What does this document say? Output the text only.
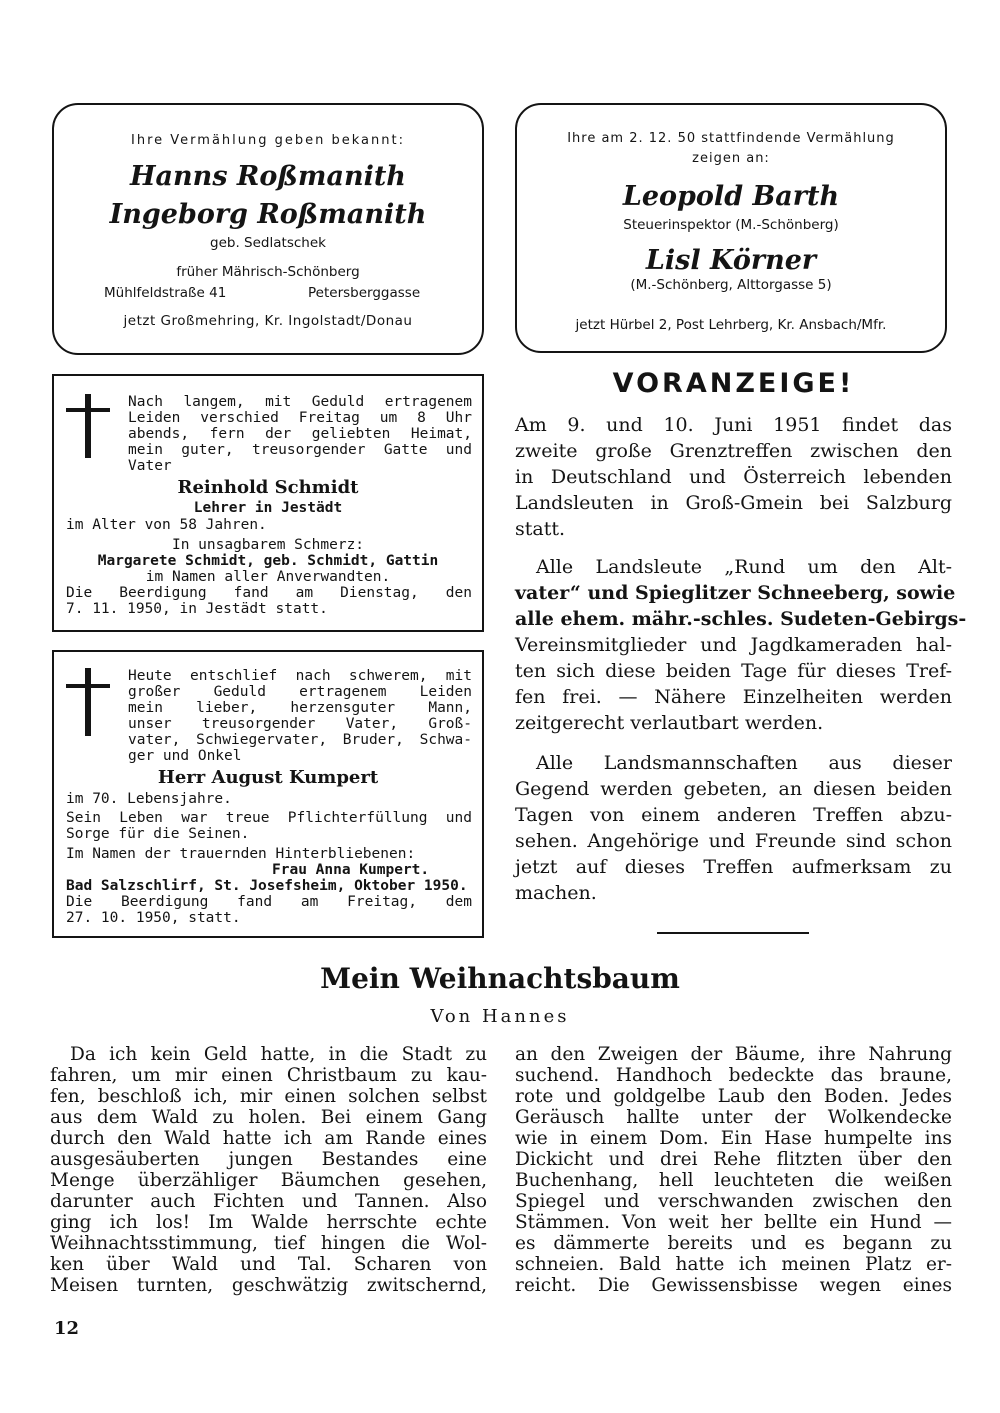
Ihre Vermählung geben bekannt:
Hanns Roßmanith
Ingeborg Roßmanith
geb. Sedlatschek
früher Mährisch-Schönberg
Mühlfeldstraße 41	Petersberggasse
jetzt Großmehring, Kr. Ingolstadt/Donau
Ihre am 2. 12. 50 stattfindende Vermählung
zeigen an:
Leopold Barth
Steuerinspektor (M.-Schönberg)
Lisl Körner
(M.-Schönberg, Alttorgasse 5)
jetzt Hürbel 2, Post Lehrberg, Kr. Ansbach/Mfr.
Nach langem, mit Geduld ertragenem
Leiden verschied Freitag um 8 Uhr
abends, fern der geliebten Heimat,
mein guter, treusorgender Gatte und
Vater
Reinhold Schmidt
Lehrer in Jestädt
im Alter von 58 Jahren.
In unsagbarem Schmerz:
Margarete Schmidt, geb. Schmidt, Gattin
im Namen aller Anverwandten.
Die Beerdigung fand am Dienstag, den
7. 11. 1950, in Jestädt statt.
Heute entschlief nach schwerem, mit
großer Geduld ertragenem Leiden
mein lieber, herzensguter Mann,
unser treusorgender Vater, Groß-
vater, Schwiegervater, Bruder, Schwa-
ger und Onkel
Herr August Kumpert
im 70. Lebensjahre.
Sein Leben war treue Pflichterfüllung und
Sorge für die Seinen.
Im Namen der trauernden Hinterbliebenen:
Frau Anna Kumpert.
Bad Salzschlirf, St. Josefsheim, Oktober 1950.
Die Beerdigung fand am Freitag, dem
27. 10. 1950, statt.
VORANZEIGE!
Am 9. und 10. Juni 1951 findet das
zweite große Grenztreffen zwischen den
in Deutschland und Österreich lebenden
Landsleuten in Groß-Gmein bei Salzburg
statt.
Alle Landsleute „Rund um den Alt-
vater“ und Spieglitzer Schneeberg, sowie
alle ehem. mähr.-schles. Sudeten-Gebirgs-
Vereinsmitglieder und Jagdkameraden hal-
ten sich diese beiden Tage für dieses Tref-
fen frei. — Nähere Einzelheiten werden
zeitgerecht verlautbart werden.
Alle Landsmannschaften aus dieser
Gegend werden gebeten, an diesen beiden
Tagen von einem anderen Treffen abzu-
sehen. Angehörige und Freunde sind schon
jetzt auf dieses Treffen aufmerksam zu
machen.
Mein Weihnachtsbaum
Von Hannes
Da ich kein Geld hatte, in die Stadt zu
fahren, um mir einen Christbaum zu kau-
fen, beschloß ich, mir einen solchen selbst
aus dem Wald zu holen. Bei einem Gang
durch den Wald hatte ich am Rande eines
ausgesäuberten jungen Bestandes eine
Menge überzähliger Bäumchen gesehen,
darunter auch Fichten und Tannen. Also
ging ich los! Im Walde herrschte echte
Weihnachtsstimmung, tief hingen die Wol-
ken über Wald und Tal. Scharen von
Meisen turnten, geschwätzig zwitschernd,
an den Zweigen der Bäume, ihre Nahrung
suchend. Handhoch bedeckte das braune,
rote und goldgelbe Laub den Boden. Jedes
Geräusch hallte unter der Wolkendecke
wie in einem Dom. Ein Hase humpelte ins
Dickicht und drei Rehe flitzten über den
Buchenhang, hell leuchteten die weißen
Spiegel und verschwanden zwischen den
Stämmen. Von weit her bellte ein Hund —
es dämmerte bereits und es begann zu
schneien. Bald hatte ich meinen Platz er-
reicht. Die Gewissensbisse wegen eines
12
